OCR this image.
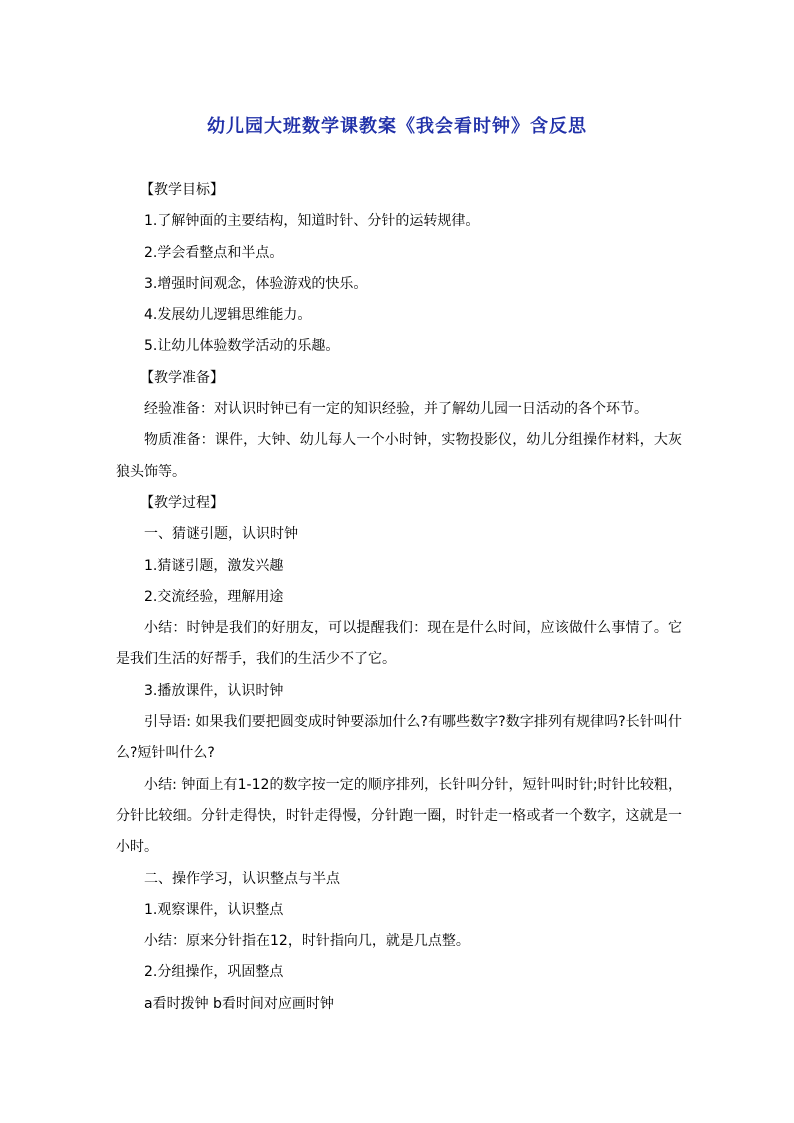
幼儿园大班数学课教案《我会看时钟》含反思

【教学目标】

1.了解钟面的主要结构，知道时针、分针的运转规律。

2.学会看整点和半点。

3.增强时间观念，体验游戏的快乐。

4.发展幼儿逻辑思维能力。

5.让幼儿体验数学活动的乐趣。

【教学准备】

经验准备：对认识时钟已有一定的知识经验，并了解幼儿园一日活动的各个环节。

物质准备：课件，大钟、幼儿每人一个小时钟，实物投影仪，幼儿分组操作材料，大灰狼头饰等。

【教学过程】

一、猜谜引题，认识时钟

1.猜谜引题，激发兴趣

2.交流经验，理解用途

小结：时钟是我们的好朋友，可以提醒我们：现在是什么时间，应该做什么事情了。它是我们生活的好帮手，我们的生活少不了它。

3.播放课件，认识时钟

引导语: 如果我们要把圆变成时钟要添加什么?有哪些数字?数字排列有规律吗?长针叫什么?短针叫什么?

小结: 钟面上有1-12的数字按一定的顺序排列，长针叫分针，短针叫时针;时针比较粗，分针比较细。分针走得快，时针走得慢，分针跑一圈，时针走一格或者一个数字，这就是一小时。

二、操作学习，认识整点与半点

1.观察课件，认识整点

小结：原来分针指在12，时针指向几，就是几点整。

2.分组操作，巩固整点

a看时拨钟 b看时间对应画时钟
